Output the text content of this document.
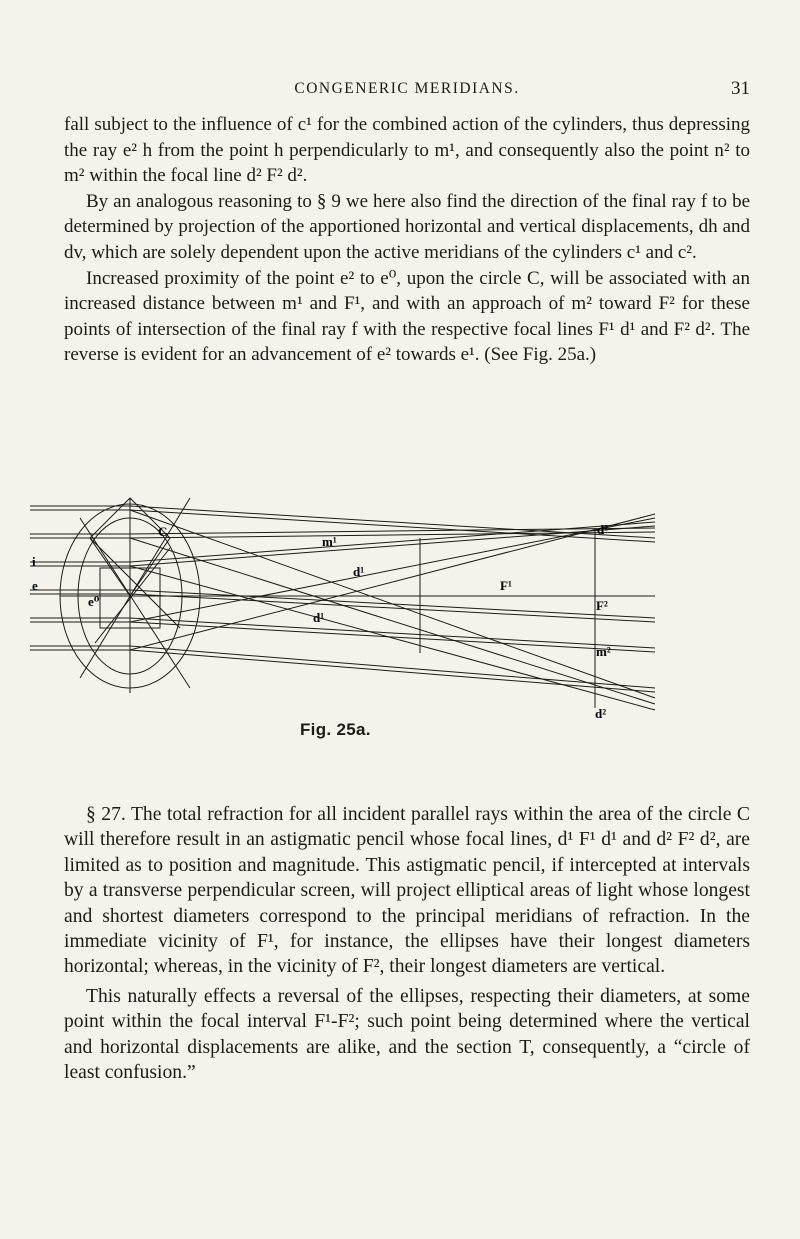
CONGENERIC MERIDIANS.	31

fall subject to the influence of c¹ for the combined action of the cylinders, thus depressing the ray e² h from the point h perpendicularly to m¹, and consequently also the point n² to m² within the focal line d² F² d².

By an analogous reasoning to § 9 we here also find the direction of the final ray f to be determined by projection of the apportioned horizontal and vertical displacements, dh and dv, which are solely dependent upon the active meridians of the cylinders c¹ and c².

Increased proximity of the point e² to e⁰, upon the circle C, will be associated with an increased distance between m¹ and F¹, and with an approach of m² toward F² for these points of intersection of the final ray f with the respective focal lines F¹ d¹ and F² d². The reverse is evident for an advancement of e² towards e¹. (See Fig. 25a.)

m¹
d¹
d¹
d²
d²
F¹
F²
m²
i
e⁰
C
e
Fig. 25a.

§ 27. The total refraction for all incident parallel rays within the area of the circle C will therefore result in an astigmatic pencil whose focal lines, d¹ F¹ d¹ and d² F² d², are limited as to position and magnitude. This astigmatic pencil, if intercepted at intervals by a transverse perpendicular screen, will project elliptical areas of light whose longest and shortest diameters correspond to the principal meridians of refraction. In the immediate vicinity of F¹, for instance, the ellipses have their longest diameters horizontal; whereas, in the vicinity of F², their longest diameters are vertical.

This naturally effects a reversal of the ellipses, respecting their diameters, at some point within the focal interval F¹-F²; such point being determined where the vertical and horizontal displacements are alike, and the section T, consequently, a “circle of least confusion.”
